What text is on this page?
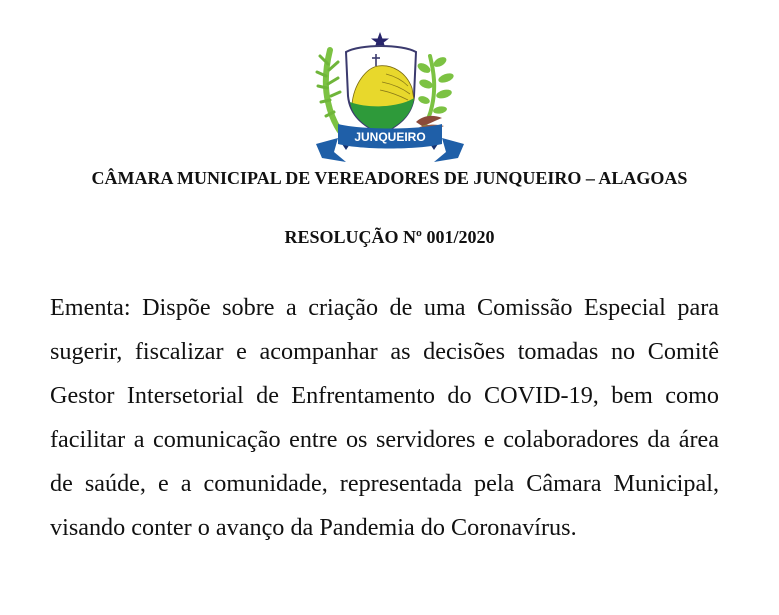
JUNQUEIRO
CÂMARA MUNICIPAL DE VEREADORES DE JUNQUEIRO – ALAGOAS
RESOLUÇÃO Nº 001/2020
Ementa: Dispõe sobre a criação de uma Comissão Especial para sugerir, fiscalizar e acompanhar as decisões tomadas no Comitê Gestor Intersetorial de Enfrentamento do COVID-19, bem como facilitar a comunicação entre os servidores e colaboradores da área de saúde, e a comunidade, representada pela Câmara Municipal, visando conter o avanço da Pandemia do Coronavírus.
